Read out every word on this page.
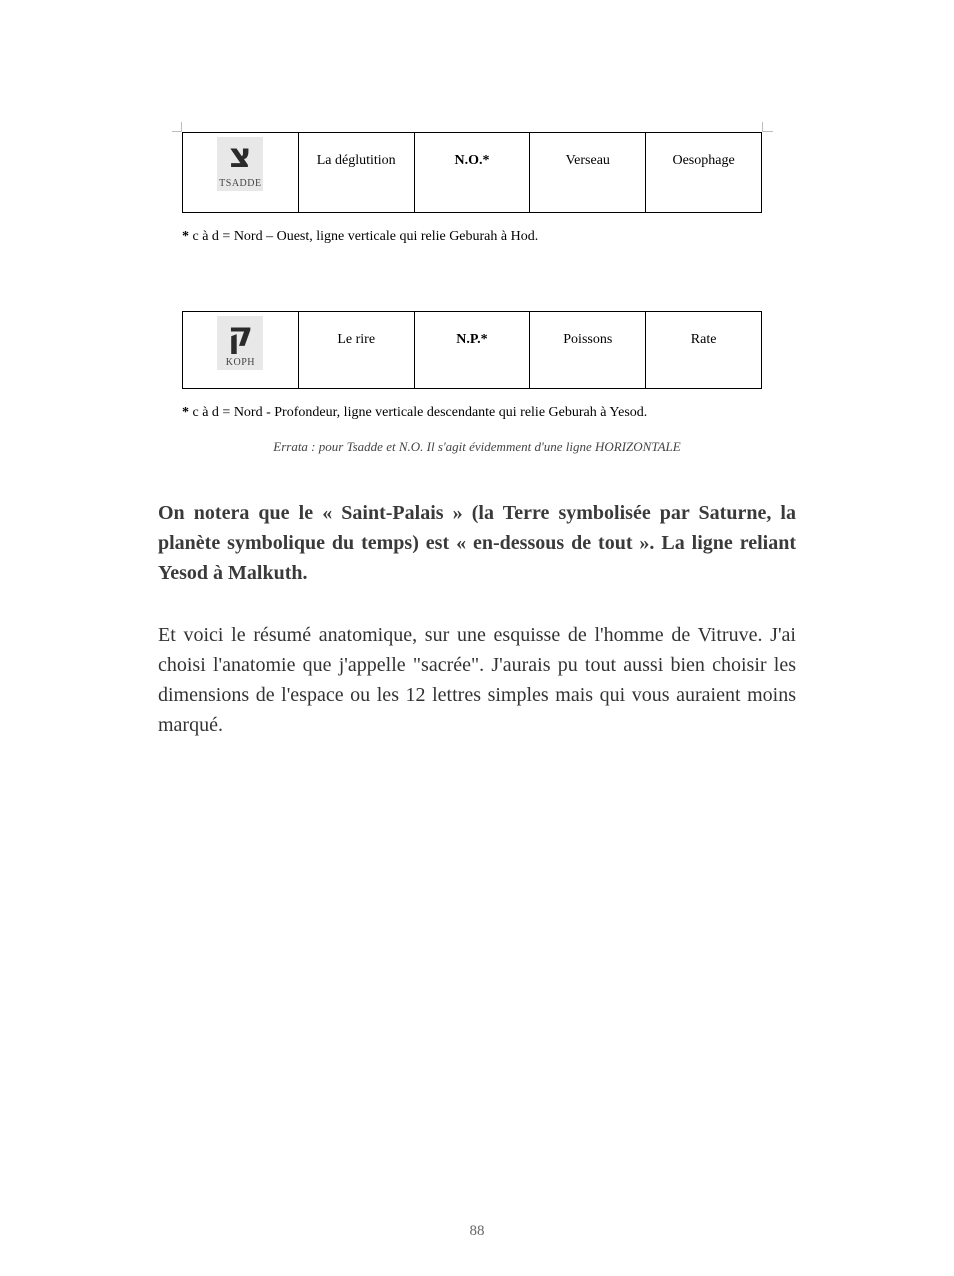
צ
TSADDE
	La déglutition	N.O.*	Verseau	Oesophage
* c à d = Nord – Ouest, ligne verticale qui relie Geburah à Hod.
ק
KOPH
	Le rire	N.P.*	Poissons	Rate
* c à d = Nord - Profondeur, ligne verticale descendante qui relie Geburah à Yesod.
Errata : pour Tsadde et N.O. Il s'agit évidemment d'une ligne HORIZONTALE

On notera que le « Saint-Palais » (la Terre symbolisée par Saturne, la planète symbolique du temps) est « en-dessous de tout ». La ligne reliant Yesod à Malkuth.

Et voici le résumé anatomique, sur une esquisse de l'homme de Vitruve. J'ai choisi l'anatomie que j'appelle "sacrée". J'aurais pu tout aussi bien choisir les dimensions de l'espace ou les 12 lettres simples mais qui vous auraient moins marqué.

88
